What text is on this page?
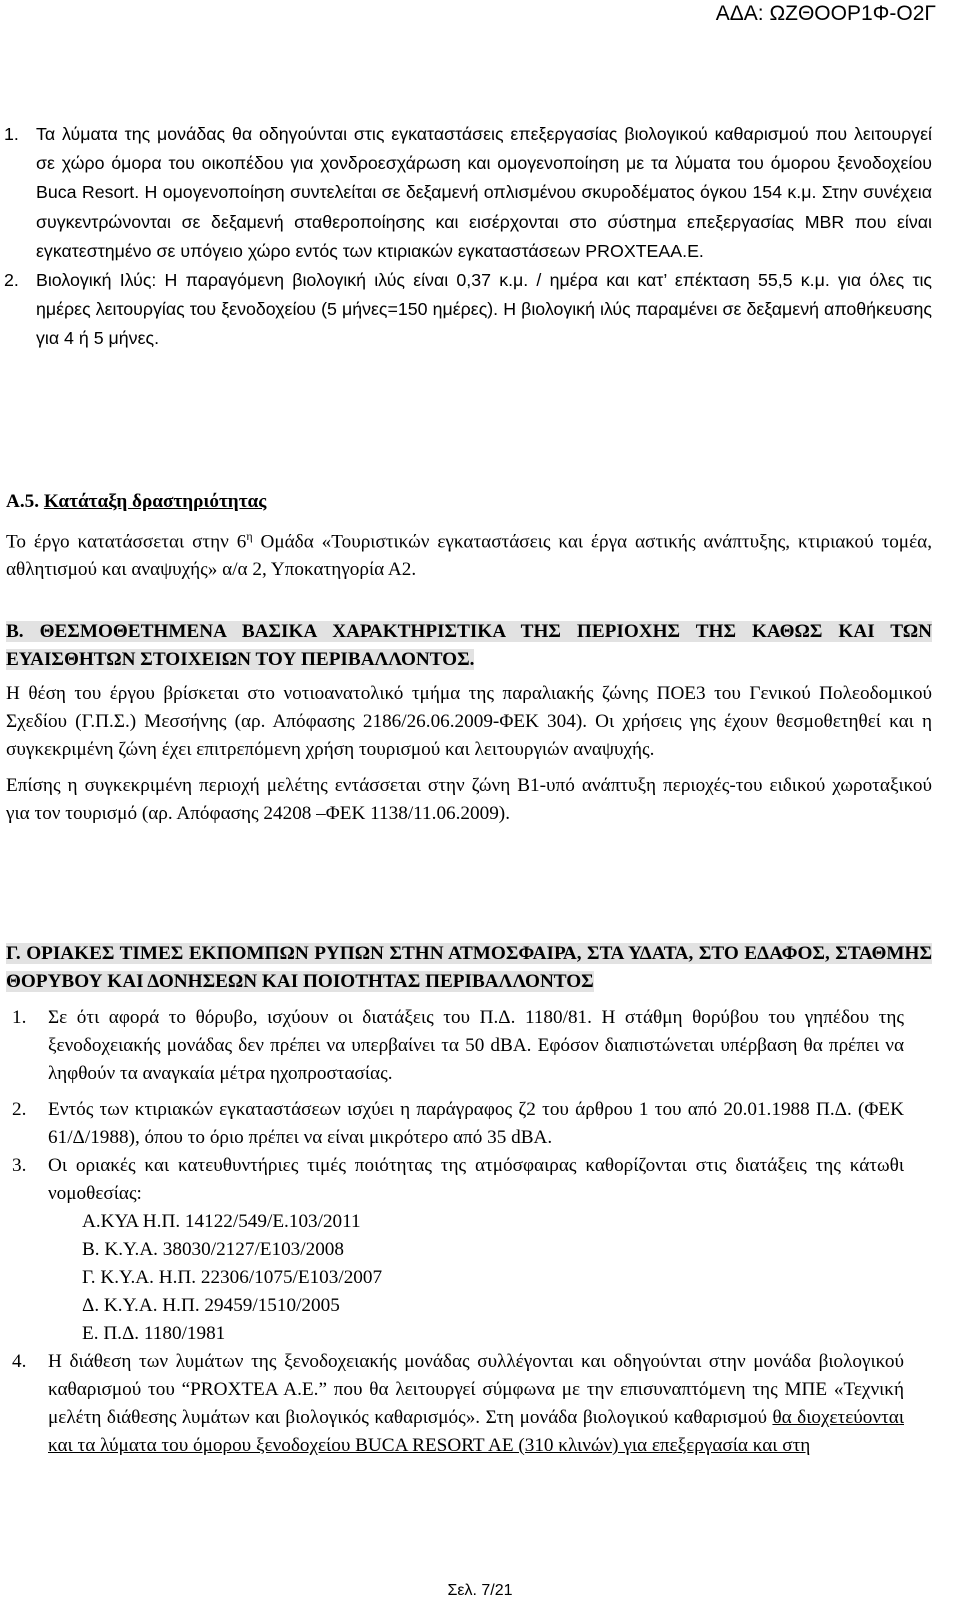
ΑΔΑ: ΩΖΘΟΟΡ1Φ-Ο2Γ
1. Τα λύματα της μονάδας θα οδηγούνται στις εγκαταστάσεις επεξεργασίας βιολογικού καθαρισμού που λειτουργεί σε χώρο όμορα του οικοπέδου για χονδροεσχάρωση και ομογενοποίηση με τα λύματα του όμορου ξενοδοχείου Buca Resort. Η ομογενοποίηση συντελείται σε δεξαμενή οπλισμένου σκυροδέματος όγκου 154 κ.μ. Στην συνέχεια συγκεντρώνονται σε δεξαμενή σταθεροποίησης και εισέρχονται στο σύστημα επεξεργασίας MBR που είναι εγκατεστημένο σε υπόγειο χώρο εντός των κτιριακών εγκαταστάσεων PROXTEAA.E.

2. Βιολογική Ιλύς: Η παραγόμενη βιολογική ιλύς είναι 0,37 κ.μ. / ημέρα και κατ’ επέκταση 55,5 κ.μ. για όλες τις ημέρες λειτουργίας του ξενοδοχείου (5 μήνες=150 ημέρες). Η βιολογική ιλύς παραμένει σε δεξαμενή αποθήκευσης για 4 ή 5 μήνες.

Α.5. Κατάταξη δραστηριότητας

Το έργο κατατάσσεται στην $6^\eta$ Ομάδα «Τουριστικών εγκαταστάσεις και έργα αστικής ανάπτυξης, κτιριακού τομέα, αθλητισμού και αναψυχής» α/α 2, Υποκατηγορία Α2.

Β. ΘΕΣΜΟΘΕΤΗΜΕΝΑ ΒΑΣΙΚΑ ΧΑΡΑΚΤΗΡΙΣΤΙΚΑ ΤΗΣ ΠΕΡΙΟΧΗΣ ΤΗΣ ΚΑΘΩΣ ΚΑΙ ΤΩΝ ΕΥΑΙΣΘΗΤΩΝ ΣΤΟΙΧΕΙΩΝ ΤΟΥ ΠΕΡΙΒΑΛΛΟΝΤΟΣ.

Η θέση του έργου βρίσκεται στο νοτιοανατολικό τμήμα της παραλιακής ζώνης ΠΟΕ3 του Γενικού Πολεοδομικού Σχεδίου (Γ.Π.Σ.) Μεσσήνης (αρ. Απόφασης 2186/26.06.2009-ΦΕΚ 304). Οι χρήσεις γης έχουν θεσμοθετηθεί και η συγκεκριμένη ζώνη έχει επιτρεπόμενη χρήση τουρισμού και λειτουργιών αναψυχής.

Επίσης η συγκεκριμένη περιοχή μελέτης εντάσσεται στην ζώνη Β1-υπό ανάπτυξη περιοχές-του ειδικού χωροταξικού για τον τουρισμό (αρ. Απόφασης 24208 –ΦΕΚ 1138/11.06.2009).

Γ. ΟΡΙΑΚΕΣ ΤΙΜΕΣ ΕΚΠΟΜΠΩΝ ΡΥΠΩΝ ΣΤΗΝ ΑΤΜΟΣΦΑΙΡΑ, ΣΤΑ ΥΔΑΤΑ, ΣΤΟ ΕΔΑΦΟΣ, ΣΤΑΘΜΗΣ ΘΟΡΥΒΟΥ ΚΑΙ ΔΟΝΗΣΕΩΝ ΚΑΙ ΠΟΙΟΤΗΤΑΣ ΠΕΡΙΒΑΛΛΟΝΤΟΣ

1. Σε ότι αφορά το θόρυβο, ισχύουν οι διατάξεις του Π.Δ. 1180/81. Η στάθμη θορύβου του γηπέδου της ξενοδοχειακής μονάδας δεν πρέπει να υπερβαίνει τα 50 dBA. Εφόσον διαπιστώνεται υπέρβαση θα πρέπει να ληφθούν τα αναγκαία μέτρα ηχοπροστασίας.

2. Εντός των κτιριακών εγκαταστάσεων ισχύει η παράγραφος ζ2 του άρθρου 1 του από 20.01.1988 Π.Δ. (ΦΕΚ 61/Δ/1988), όπου το όριο πρέπει να είναι μικρότερο από 35 dBA.

3. Οι οριακές και κατευθυντήριες τιμές ποιότητας της ατμόσφαιρας καθορίζονται στις διατάξεις της κάτωθι νομοθεσίας:

Α.ΚΥΑ Η.Π. 14122/549/Ε.103/2011

Β. Κ.Υ.Α. 38030/2127/Ε103/2008

Γ. Κ.Υ.Α. Η.Π. 22306/1075/Ε103/2007

Δ. Κ.Υ.Α. Η.Π. 29459/1510/2005

Ε. Π.Δ. 1180/1981

4. Η διάθεση των λυμάτων της ξενοδοχειακής μονάδας συλλέγονται και οδηγούνται στην μονάδα βιολογικού καθαρισμού του “PROXTEA A.E.” που θα λειτουργεί σύμφωνα με την επισυναπτόμενη της ΜΠΕ «Τεχνική μελέτη διάθεσης λυμάτων και βιολογικός καθαρισμός». Στη μονάδα βιολογικού καθαρισμού θα διοχετεύονται και τα λύματα του όμορου ξενοδοχείου BUCA RESORT AE (310 κλινών) για επεξεργασία και στη

Σελ. 7/21
